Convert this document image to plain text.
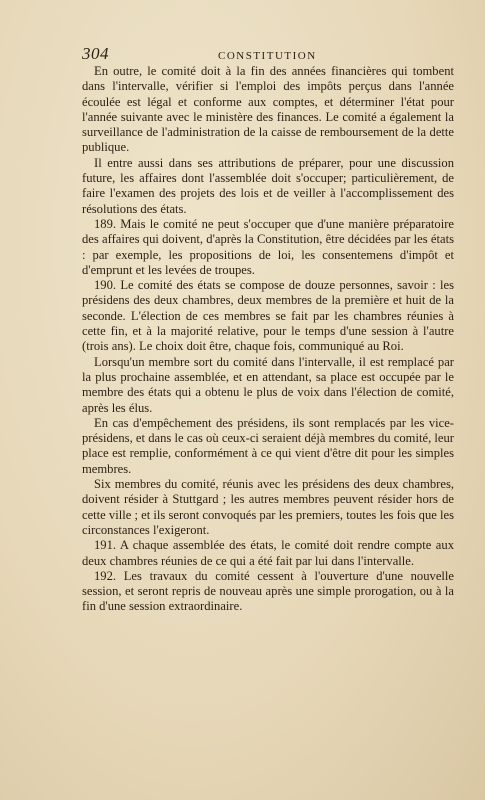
304	CONSTITUTION

En outre, le comité doit à la fin des années financières qui tombent dans l'intervalle, vérifier si l'emploi des impôts perçus dans l'année écoulée est légal et conforme aux comptes, et déterminer l'état pour l'année suivante avec le ministère des finances. Le comité a également la surveillance de l'administration de la caisse de remboursement de la dette publique.

Il entre aussi dans ses attributions de préparer, pour une discussion future, les affaires dont l'assemblée doit s'occuper; particulièrement, de faire l'examen des projets des lois et de veiller à l'accomplissement des résolutions des états.

189. Mais le comité ne peut s'occuper que d'une manière préparatoire des affaires qui doivent, d'après la Constitution, être décidées par les états : par exemple, les propositions de loi, les consentemens d'impôt et d'emprunt et les levées de troupes.

190. Le comité des états se compose de douze personnes, savoir : les présidens des deux chambres, deux membres de la première et huit de la seconde. L'élection de ces membres se fait par les chambres réunies à cette fin, et à la majorité relative, pour le temps d'une session à l'autre (trois ans). Le choix doit être, chaque fois, communiqué au Roi.

Lorsqu'un membre sort du comité dans l'intervalle, il est remplacé par la plus prochaine assemblée, et en attendant, sa place est occupée par le membre des états qui a obtenu le plus de voix dans l'élection de comité, après les élus.

En cas d'empêchement des présidens, ils sont remplacés par les vice-présidens, et dans le cas où ceux-ci seraient déjà membres du comité, leur place est remplie, conformément à ce qui vient d'être dit pour les simples membres.

Six membres du comité, réunis avec les présidens des deux chambres, doivent résider à Stuttgard ; les autres membres peuvent résider hors de cette ville ; et ils seront convoqués par les premiers, toutes les fois que les circonstances l'exigeront.

191. A chaque assemblée des états, le comité doit rendre compte aux deux chambres réunies de ce qui a été fait par lui dans l'intervalle.

192. Les travaux du comité cessent à l'ouverture d'une nouvelle session, et seront repris de nouveau après une simple prorogation, ou à la fin d'une session extraordinaire.
